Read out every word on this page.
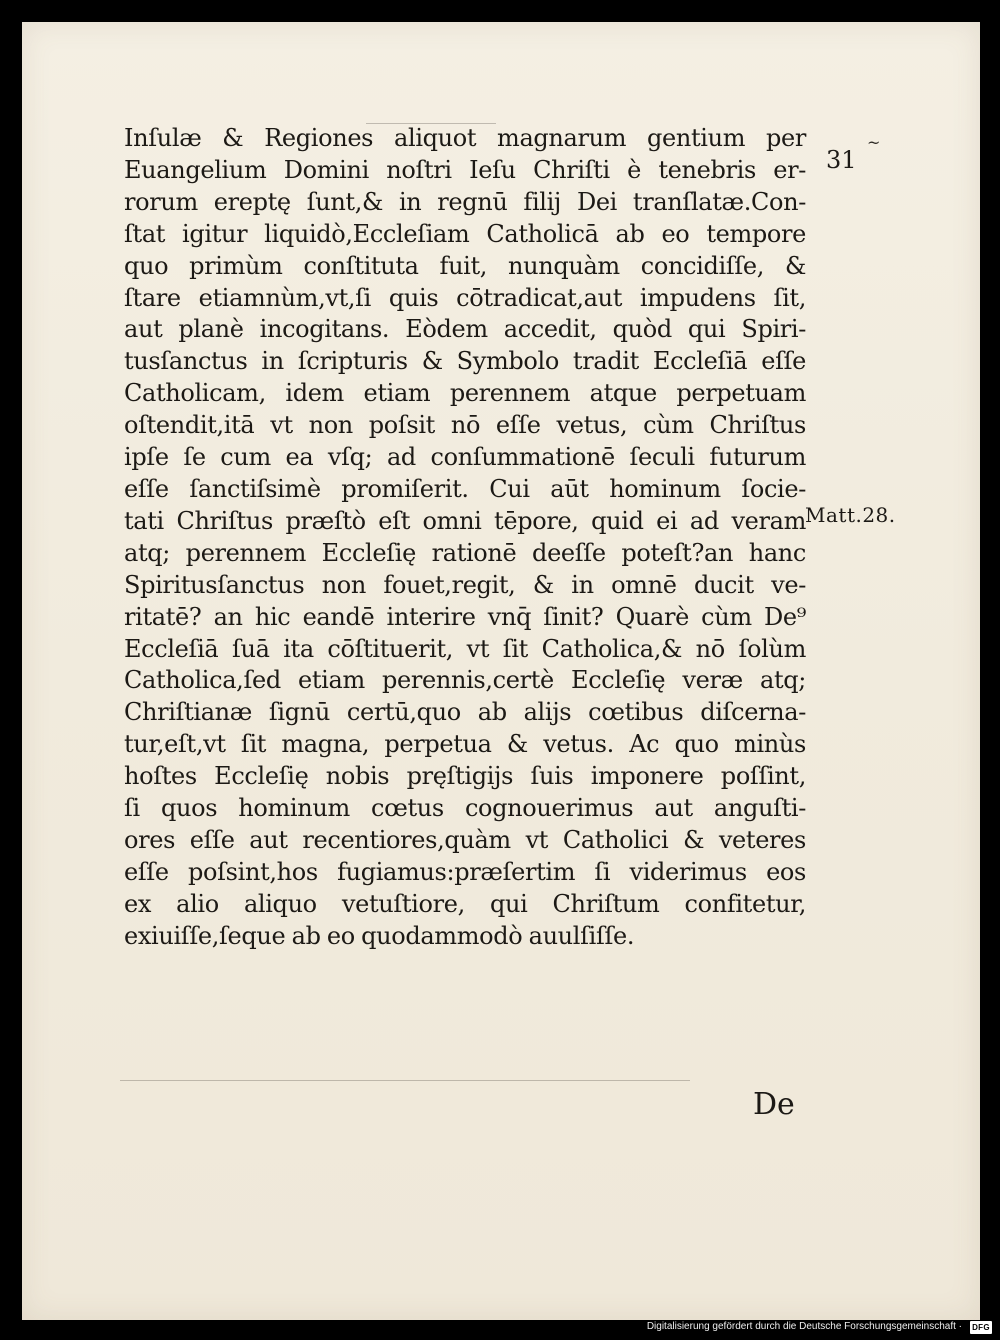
~
31
Inſulæ & Regiones aliquot magnarum gentium per
Euangelium Domini noſtri Ieſu Chriſti è tenebris er-
rorum ereptę ſunt,& in regnū filij Dei tranſlatæ.Con-
ſtat igitur liquidò,Eccleſiam Catholicā ab eo tempore
quo primùm conſtituta fuit, nunquàm concidiſſe, &
ſtare etiamnùm,vt,ſi quis cōtradicat,aut impudens ſit,
aut planè incogitans. Eòdem accedit, quòd qui Spiri-
tusſanctus in ſcripturis & Symbolo tradit Eccleſiā eſſe
Catholicam, idem etiam perennem atque perpetuam
oſtendit,itā vt non poſsit nō eſſe vetus, cùm Chriſtus
ipſe ſe cum ea vſq; ad conſummationē ſeculi futurum
eſſe ſanctiſsimè promiſerit. Cui aūt hominum ſocie-
tati Chriſtus præſtò eſt omni tēpore, quid ei ad veram
atq; perennem Eccleſię rationē deeſſe poteſt?an hanc
Spiritusſanctus non fouet,regit, & in omnē ducit ve-
ritatē? an hic eandē interire vnq̄ ſinit? Quarè cùm De⁹
Eccleſiā ſuā ita cōſtituerit, vt ſit Catholica,& nō ſolùm
Catholica,ſed etiam perennis,certè Eccleſię veræ atq;
Chriſtianæ ſignū certū,quo ab alijs cœtibus diſcerna-
tur,eſt,vt ſit magna, perpetua & vetus. Ac quo minùs
hoſtes Eccleſię nobis pręſtigijs ſuis imponere poſſint,
ſi quos hominum cœtus cognouerimus aut anguſti-
ores eſſe aut recentiores,quàm vt Catholici & veteres
eſſe poſsint,hos fugiamus:præſertim ſi viderimus eos
ex alio aliquo vetuſtiore, qui Chriſtum confitetur,
exiuiſſe,ſeque ab eo quodammodò auulſiſſe.
Matt.28.
De
Digitalisierung gefördert durch die Deutsche Forschungsgemeinschaft · DFG
